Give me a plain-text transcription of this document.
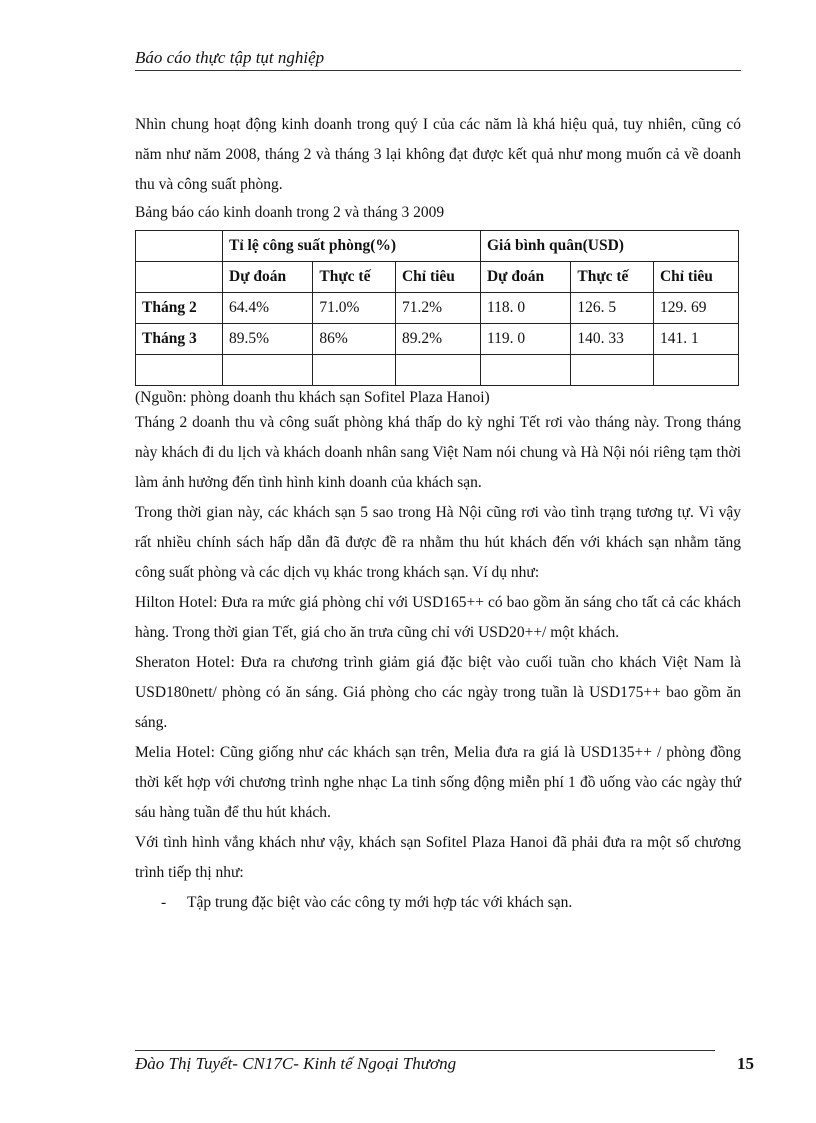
Báo cáo thực tập tụt nghiệp

Nhìn chung hoạt động kinh doanh trong quý I của các năm là khá hiệu quả, tuy nhiên, cũng có năm như năm 2008, tháng 2 và tháng 3 lại không đạt được kết quả như mong muốn cả về doanh thu và công suất phòng.

Bảng báo cáo kinh doanh trong 2 và tháng 3 2009

	Tỉ lệ công suất phòng(%)			Giá bình quân(USD)		
	Dự đoán	Thực tế	Chỉ tiêu	Dự đoán	Thực tế	Chỉ tiêu
Tháng 2	64.4%	71.0%	71.2%	118. 0	126. 5	129. 69
Tháng 3	89.5%	86%	89.2%	119. 0	140. 33	141. 1

(Nguồn: phòng doanh thu khách sạn Sofitel Plaza Hanoi)

Tháng 2 doanh thu và công suất phòng khá thấp do kỳ nghỉ Tết rơi vào tháng này. Trong tháng này khách đi du lịch và khách doanh nhân sang Việt Nam nói chung và Hà Nội nói riêng tạm thời làm ảnh hưởng đến tình hình kinh doanh của khách sạn.

Trong thời gian này, các khách sạn 5 sao trong Hà Nội cũng rơi vào tình trạng tương tự. Vì vậy rất nhiều chính sách hấp dẫn đã được đề ra nhằm thu hút khách đến với khách sạn nhằm tăng công suất phòng và các dịch vụ khác trong khách sạn. Ví dụ như:

Hilton Hotel: Đưa ra mức giá phòng chỉ với USD165++ có bao gồm ăn sáng cho tất cả các khách hàng. Trong thời gian Tết, giá cho ăn trưa cũng chỉ với USD20++/ một khách.

Sheraton Hotel: Đưa ra chương trình giảm giá đặc biệt vào cuối tuần cho khách Việt Nam là USD180nett/ phòng có ăn sáng. Giá phòng cho các ngày trong tuần là USD175++ bao gồm ăn sáng.

Melia Hotel: Cũng giống như các khách sạn trên, Melia đưa ra giá là USD135++ / phòng đồng thời kết hợp với chương trình nghe nhạc La tinh sống động miễn phí 1 đồ uống vào các ngày thứ sáu hàng tuần để thu hút khách.

Với tình hình vắng khách như vậy, khách sạn Sofitel Plaza Hanoi đã phải đưa ra một số chương trình tiếp thị như:

-	Tập trung đặc biệt vào các công ty mới hợp tác với khách sạn.
Đào Thị Tuyết- CN17C- Kinh tế Ngoại Thương	15
